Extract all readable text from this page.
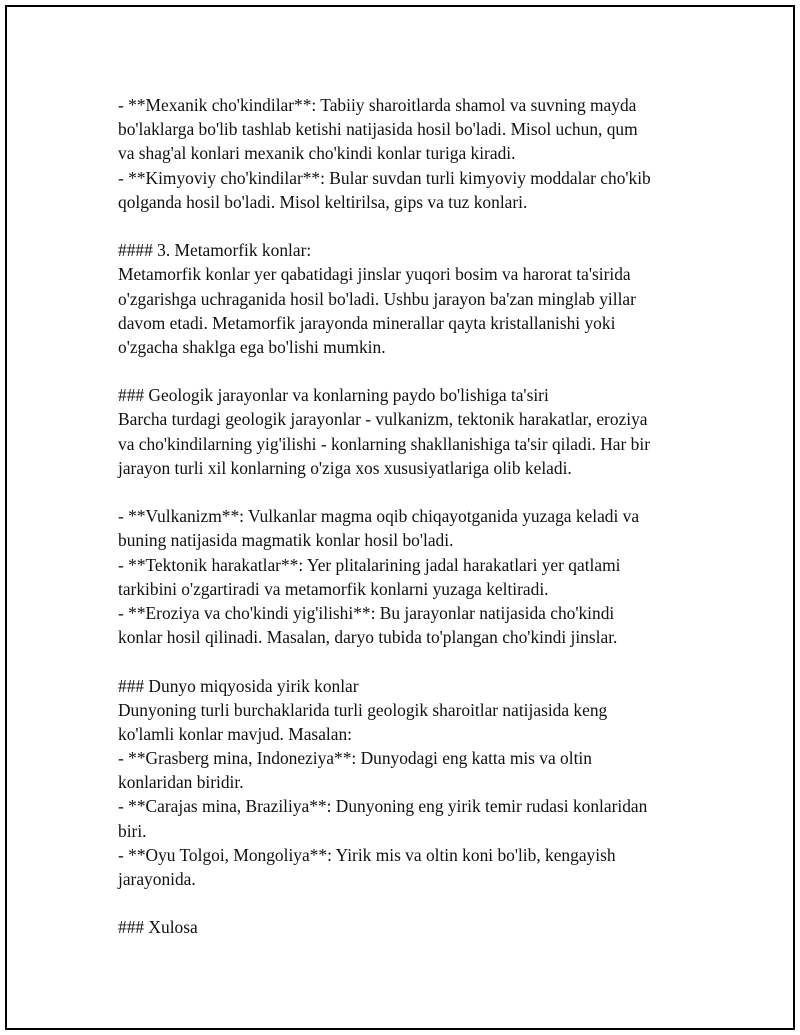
- **Mexanik cho'kindilar**: Tabiiy sharoitlarda shamol va suvning mayda

bo'laklarga bo'lib tashlab ketishi natijasida hosil bo'ladi. Misol uchun, qum

va shag'al konlari mexanik cho'kindi konlar turiga kiradi.

- **Kimyoviy cho'kindilar**: Bular suvdan turli kimyoviy moddalar cho'kib

qolganda hosil bo'ladi. Misol keltirilsa, gips va tuz konlari.

#### 3. Metamorfik konlar:

Metamorfik konlar yer qabatidagi jinslar yuqori bosim va harorat ta'sirida

o'zgarishga uchraganida hosil bo'ladi. Ushbu jarayon ba'zan minglab yillar

davom etadi. Metamorfik jarayonda minerallar qayta kristallanishi yoki

o'zgacha shaklga ega bo'lishi mumkin.

### Geologik jarayonlar va konlarning paydo bo'lishiga ta'siri

Barcha turdagi geologik jarayonlar - vulkanizm, tektonik harakatlar, eroziya

va cho'kindilarning yig'ilishi - konlarning shakllanishiga ta'sir qiladi. Har bir

jarayon turli xil konlarning o'ziga xos xususiyatlariga olib keladi.

- **Vulkanizm**: Vulkanlar magma oqib chiqayotganida yuzaga keladi va

buning natijasida magmatik konlar hosil bo'ladi.

- **Tektonik harakatlar**: Yer plitalarining jadal harakatlari yer qatlami

tarkibini o'zgartiradi va metamorfik konlarni yuzaga keltiradi.

- **Eroziya va cho'kindi yig'ilishi**: Bu jarayonlar natijasida cho'kindi

konlar hosil qilinadi. Masalan, daryo tubida to'plangan cho'kindi jinslar.

### Dunyo miqyosida yirik konlar

Dunyoning turli burchaklarida turli geologik sharoitlar natijasida keng

ko'lamli konlar mavjud. Masalan:

- **Grasberg mina, Indoneziya**: Dunyodagi eng katta mis va oltin

konlaridan biridir.

- **Carajas mina, Braziliya**: Dunyoning eng yirik temir rudasi konlaridan

biri.

- **Oyu Tolgoi, Mongoliya**: Yirik mis va oltin koni bo'lib, kengayish

jarayonida.

### Xulosa
